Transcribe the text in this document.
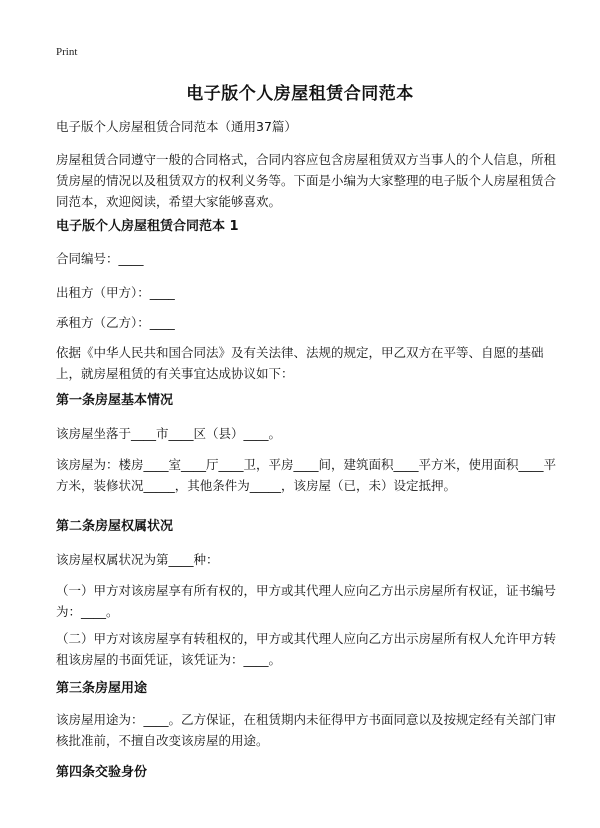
Print
电子版个人房屋租赁合同范本
电子版个人房屋租赁合同范本（通用37篇）
房屋租赁合同遵守一般的合同格式，合同内容应包含房屋租赁双方当事人的个人信息，所租赁房屋的情况以及租赁双方的权利义务等。下面是小编为大家整理的电子版个人房屋租赁合同范本，欢迎阅读，希望大家能够喜欢。
电子版个人房屋租赁合同范本 1
合同编号：____
出租方（甲方）：____
承租方（乙方）：____
依据《中华人民共和国合同法》及有关法律、法规的规定，甲乙双方在平等、自愿的基础上，就房屋租赁的有关事宜达成协议如下：
第一条房屋基本情况
该房屋坐落于____市____区（县）____。
该房屋为：楼房____室____厅____卫，平房____间，建筑面积____平方米，使用面积____平方米，装修状况_____，其他条件为_____，该房屋（已，未）设定抵押。
第二条房屋权属状况
该房屋权属状况为第____种：
（一）甲方对该房屋享有所有权的，甲方或其代理人应向乙方出示房屋所有权证，证书编号为：____。
（二）甲方对该房屋享有转租权的，甲方或其代理人应向乙方出示房屋所有权人允许甲方转租该房屋的书面凭证，该凭证为：____。
第三条房屋用途
该房屋用途为：____。乙方保证，在租赁期内未征得甲方书面同意以及按规定经有关部门审核批准前，不擅自改变该房屋的用途。
第四条交验身份
